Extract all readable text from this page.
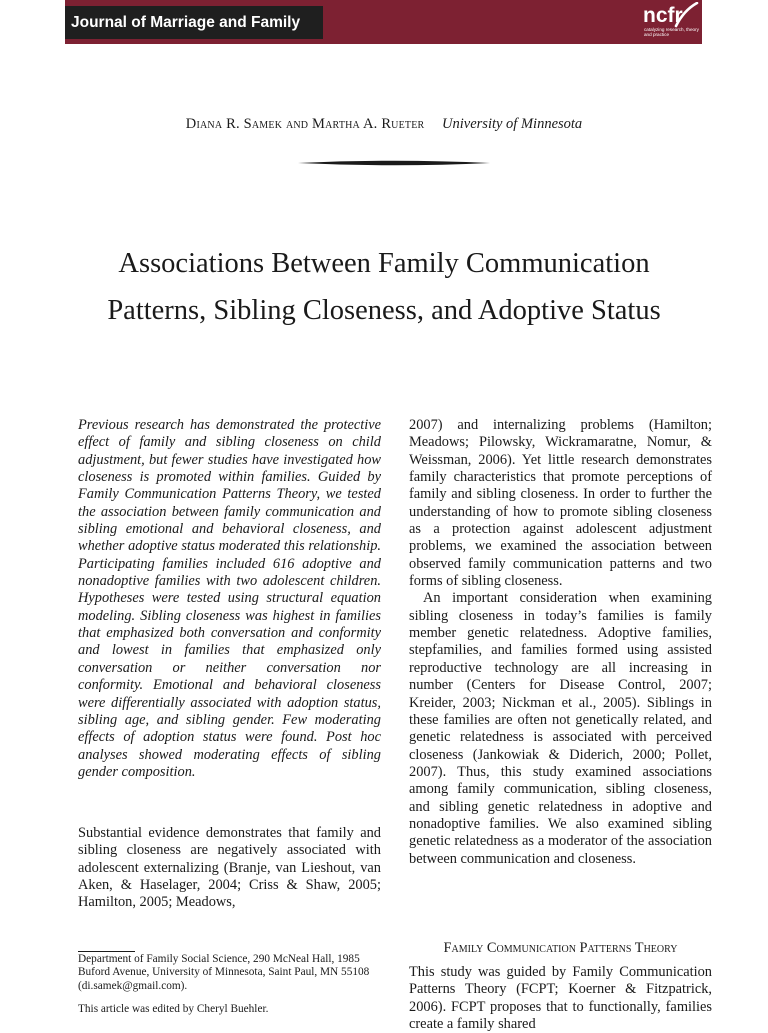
Journal of Marriage and Family	ncfr
catalyzing research, theory and practice
Diana R. Samek and Martha A. Rueter University of Minnesota
Associations Between Family Communication
Patterns, Sibling Closeness, and Adoptive Status

Previous research has demonstrated the protective effect of family and sibling closeness on child adjustment, but fewer studies have investigated how closeness is promoted within families. Guided by Family Communication Patterns Theory, we tested the association between family communication and sibling emotional and behavioral closeness, and whether adoptive status moderated this relationship. Participating families included 616 adoptive and nonadoptive families with two adolescent children. Hypotheses were tested using structural equation modeling. Sibling closeness was highest in families that emphasized both conversation and conformity and lowest in families that emphasized only conversation or neither conversation nor conformity. Emotional and behavioral closeness were differentially associated with adoption status, sibling age, and sibling gender. Few moderating effects of adoption status were found. Post hoc analyses showed moderating effects of sibling gender composition.

Substantial evidence demonstrates that family and sibling closeness are negatively associated with adolescent externalizing (Branje, van Lieshout, van Aken, & Haselager, 2004; Criss & Shaw, 2005; Hamilton, 2005; Meadows,

2007) and internalizing problems (Hamilton; Meadows; Pilowsky, Wickramaratne, Nomur, & Weissman, 2006). Yet little research demonstrates family characteristics that promote perceptions of family and sibling closeness. In order to further the understanding of how to promote sibling closeness as a protection against adolescent adjustment problems, we examined the association between observed family communication patterns and two forms of sibling closeness.

An important consideration when examining sibling closeness in today’s families is family member genetic relatedness. Adoptive families, stepfamilies, and families formed using assisted reproductive technology are all increasing in number (Centers for Disease Control, 2007; Kreider, 2003; Nickman et al., 2005). Siblings in these families are often not genetically related, and genetic relatedness is associated with perceived closeness (Jankowiak & Diderich, 2000; Pollet, 2007). Thus, this study examined associations among family communication, sibling closeness, and sibling genetic relatedness in adoptive and nonadoptive families. We also examined sibling genetic relatedness as a moderator of the association between communication and closeness.

Family Communication Patterns Theory

This study was guided by Family Communication Patterns Theory (FCPT; Koerner & Fitzpatrick, 2006). FCPT proposes that to functionally, families create a family shared

Department of Family Social Science, 290 McNeal Hall, 1985 Buford Avenue, University of Minnesota, Saint Paul, MN 55108 (di.samek@gmail.com).

This article was edited by Cheryl Buehler.
